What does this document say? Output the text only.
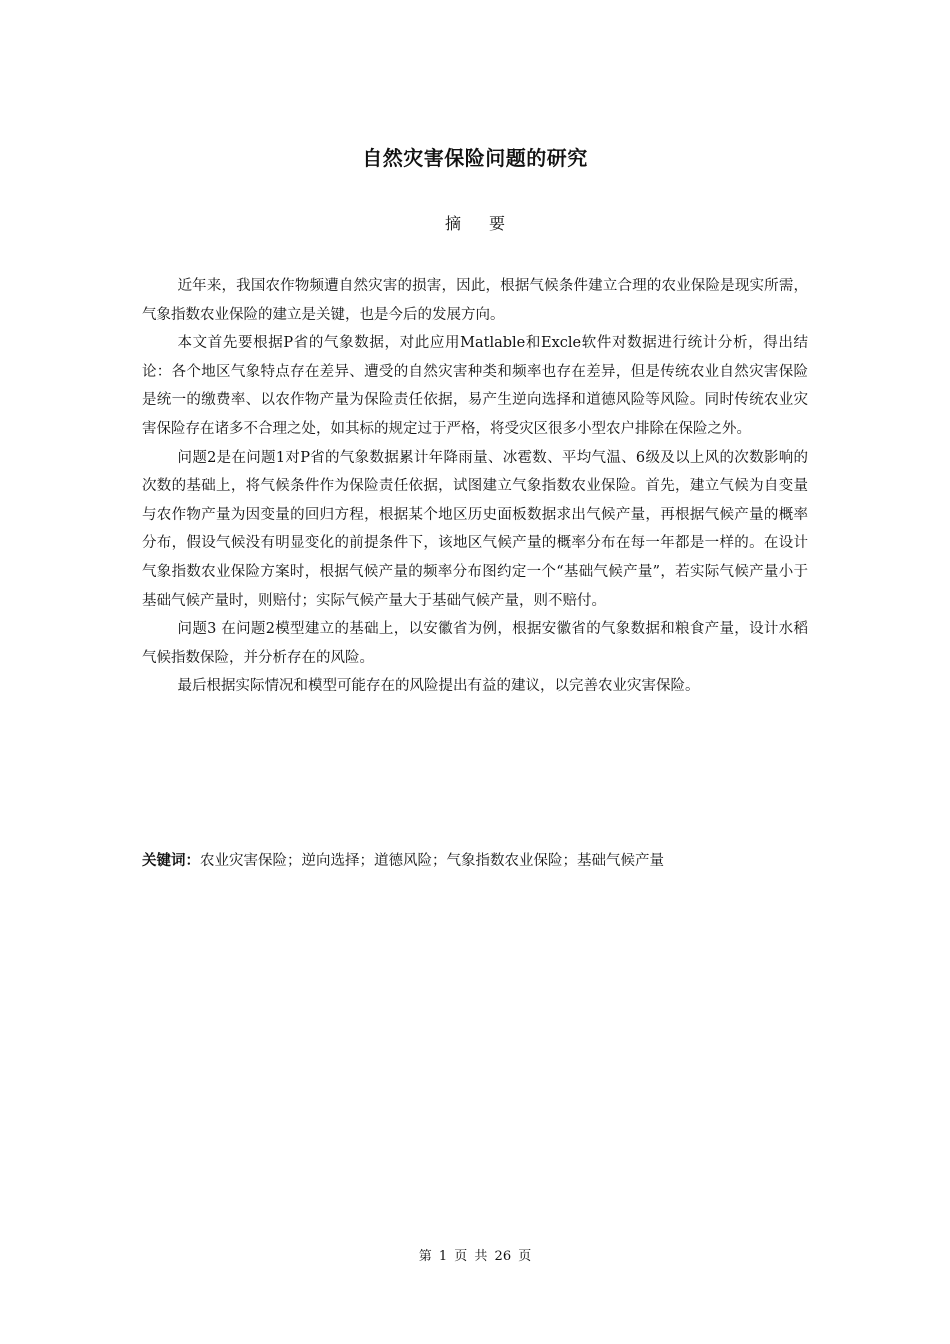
自然灾害保险问题的研究
摘要

近年来，我国农作物频遭自然灾害的损害，因此，根据气候条件建立合理的农业保险是现实所需，气象指数农业保险的建立是关键，也是今后的发展方向。

本文首先要根据P省的气象数据，对此应用Matlable和Excle软件对数据进行统计分析，得出结论：各个地区气象特点存在差异、遭受的自然灾害种类和频率也存在差异，但是传统农业自然灾害保险是统一的缴费率、以农作物产量为保险责任依据，易产生逆向选择和道德风险等风险。同时传统农业灾害保险存在诸多不合理之处，如其标的规定过于严格，将受灾区很多小型农户排除在保险之外。

问题2是在问题1对P省的气象数据累计年降雨量、冰雹数、平均气温、6级及以上风的次数影响的次数的基础上，将气候条件作为保险责任依据，试图建立气象指数农业保险。首先，建立气候为自变量与农作物产量为因变量的回归方程，根据某个地区历史面板数据求出气候产量，再根据气候产量的概率分布，假设气候没有明显变化的前提条件下，该地区气候产量的概率分布在每一年都是一样的。在设计气象指数农业保险方案时，根据气候产量的频率分布图约定一个“基础气候产量”，若实际气候产量小于基础气候产量时，则赔付；实际气候产量大于基础气候产量，则不赔付。

问题3 在问题2模型建立的基础上，以安徽省为例，根据安徽省的气象数据和粮食产量，设计水稻气候指数保险，并分析存在的风险。

最后根据实际情况和模型可能存在的风险提出有益的建议，以完善农业灾害保险。

关键词：农业灾害保险；逆向选择；道德风险；气象指数农业保险；基础气候产量
第 1 页 共 26 页
